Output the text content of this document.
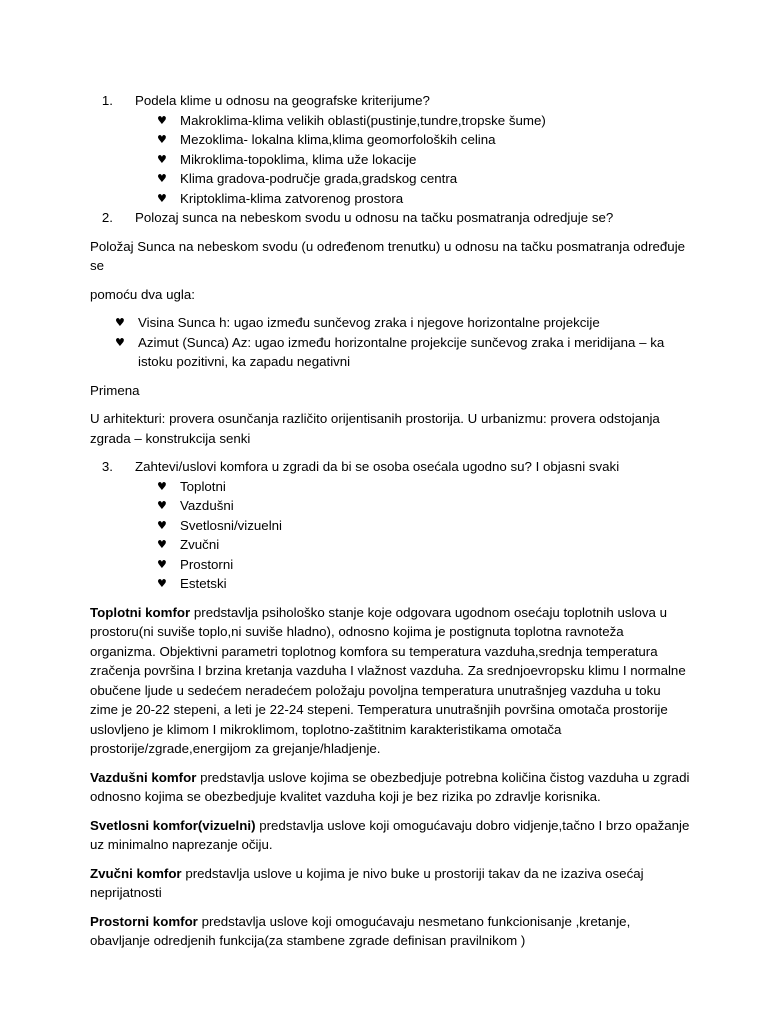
1. Podela klime u odnosu na geografske kriterijume?
♥ Makroklima-klima velikih oblasti(pustinje,tundre,tropske šume)
♥ Mezoklima- lokalna klima,klima geomorfoloških celina
♥ Mikroklima-topoklima, klima uže lokacije
♥ Klima gradova-područje grada,gradskog centra
♥ Kriptoklima-klima zatvorenog prostora
2. Polozaj sunca na nebeskom svodu u odnosu na tačku posmatranja odredjuje se?

Položaj Sunca na nebeskom svodu (u određenom trenutku) u odnosu na tačku posmatranja određuje se

pomoću dva ugla:

♥ Visina Sunca h: ugao između sunčevog zraka i njegove horizontalne projekcije
♥ Azimut (Sunca) Az: ugao između horizontalne projekcije sunčevog zraka i meridijana – ka istoku pozitivni, ka zapadu negativni

Primena

U arhitekturi: provera osunčanja različito orijentisanih prostorija. U urbanizmu: provera odstojanja zgrada – konstrukcija senki

3. Zahtevi/uslovi komfora u zgradi da bi se osoba osećala ugodno su? I objasni svaki
♥ Toplotni
♥ Vazdušni
♥ Svetlosni/vizuelni
♥ Zvučni
♥ Prostorni
♥ Estetski

Toplotni komfor predstavlja psihološko stanje koje odgovara ugodnom osećaju toplotnih uslova u prostoru(ni suviše toplo,ni suviše hladno), odnosno kojima je postignuta toplotna ravnoteža organizma. Objektivni parametri toplotnog komfora su temperatura vazduha,srednja temperatura zračenja površina I brzina kretanja vazduha I vlažnost vazduha. Za srednjoevropsku klimu I normalne obučene ljude u sedećem neradećem položaju povoljna temperatura unutrašnjeg vazduha u toku zime je 20-22 stepeni, a leti je 22-24 stepeni. Temperatura unutrašnjih površina omotača prostorije uslovljeno je klimom I mikroklimom, toplotno-zaštitnim karakteristikama omotača prostorije/zgrade,energijom za grejanje/hladjenje.

Vazdušni komfor predstavlja uslove kojima se obezbedjuje potrebna količina čistog vazduha u zgradi odnosno kojima se obezbedjuje kvalitet vazduha koji je bez rizika po zdravlje korisnika.

Svetlosni komfor(vizuelni) predstavlja uslove koji omogućavaju dobro vidjenje,tačno I brzo opažanje uz minimalno naprezanje očiju.

Zvučni komfor predstavlja uslove u kojima je nivo buke u prostoriji takav da ne izaziva osećaj neprijatnosti

Prostorni komfor predstavlja uslove koji omogućavaju nesmetano funkcionisanje ,kretanje, obavljanje odredjenih funkcija(za stambene zgrade definisan pravilnikom )
